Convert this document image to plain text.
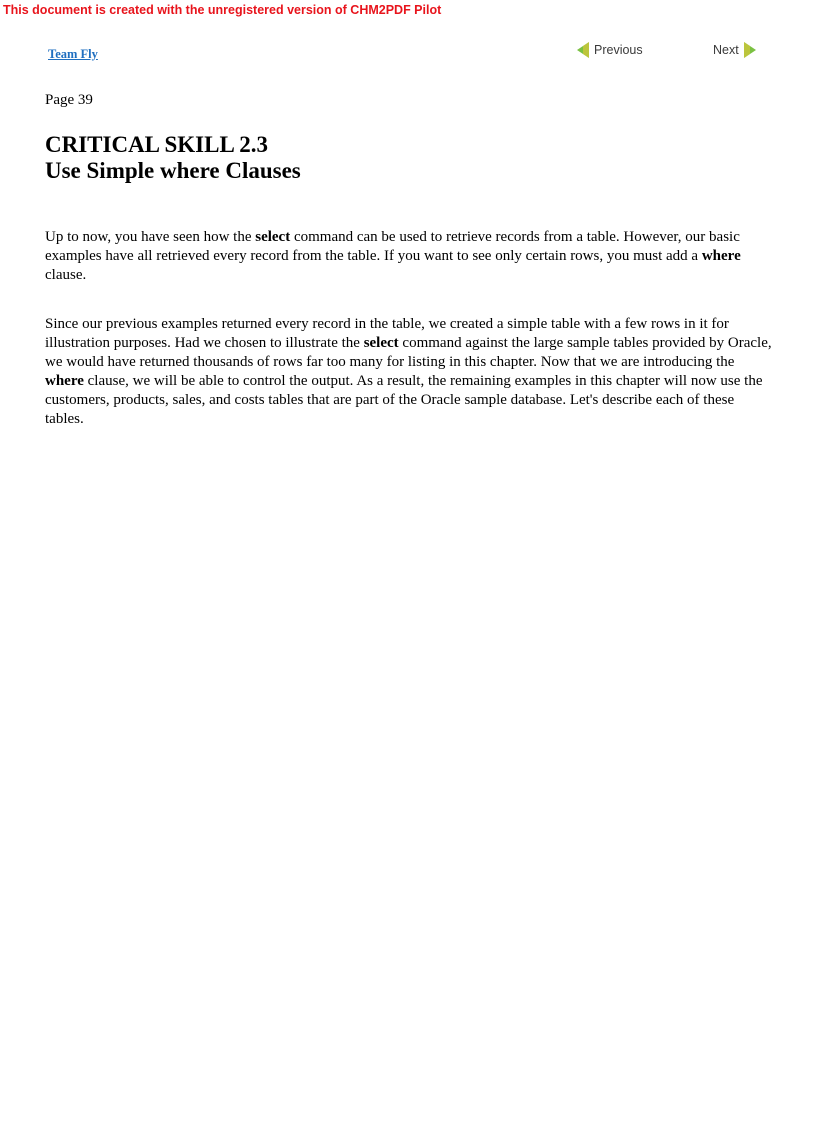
This document is created with the unregistered version of CHM2PDF Pilot
Team Fly	Previous	Next
Page 39
CRITICAL SKILL 2.3
Use Simple where Clauses

Up to now, you have seen how the select command can be used to retrieve records from a table. However, our basic examples have all retrieved every record from the table. If you want to see only certain rows, you must add a where clause.

Since our previous examples returned every record in the table, we created a simple table with a few rows in it for illustration purposes. Had we chosen to illustrate the select command against the large sample tables provided by Oracle, we would have returned thousands of rows far too many for listing in this chapter. Now that we are introducing the where clause, we will be able to control the output. As a result, the remaining examples in this chapter will now use the customers, products, sales, and costs tables that are part of the Oracle sample database. Let's describe each of these tables.
